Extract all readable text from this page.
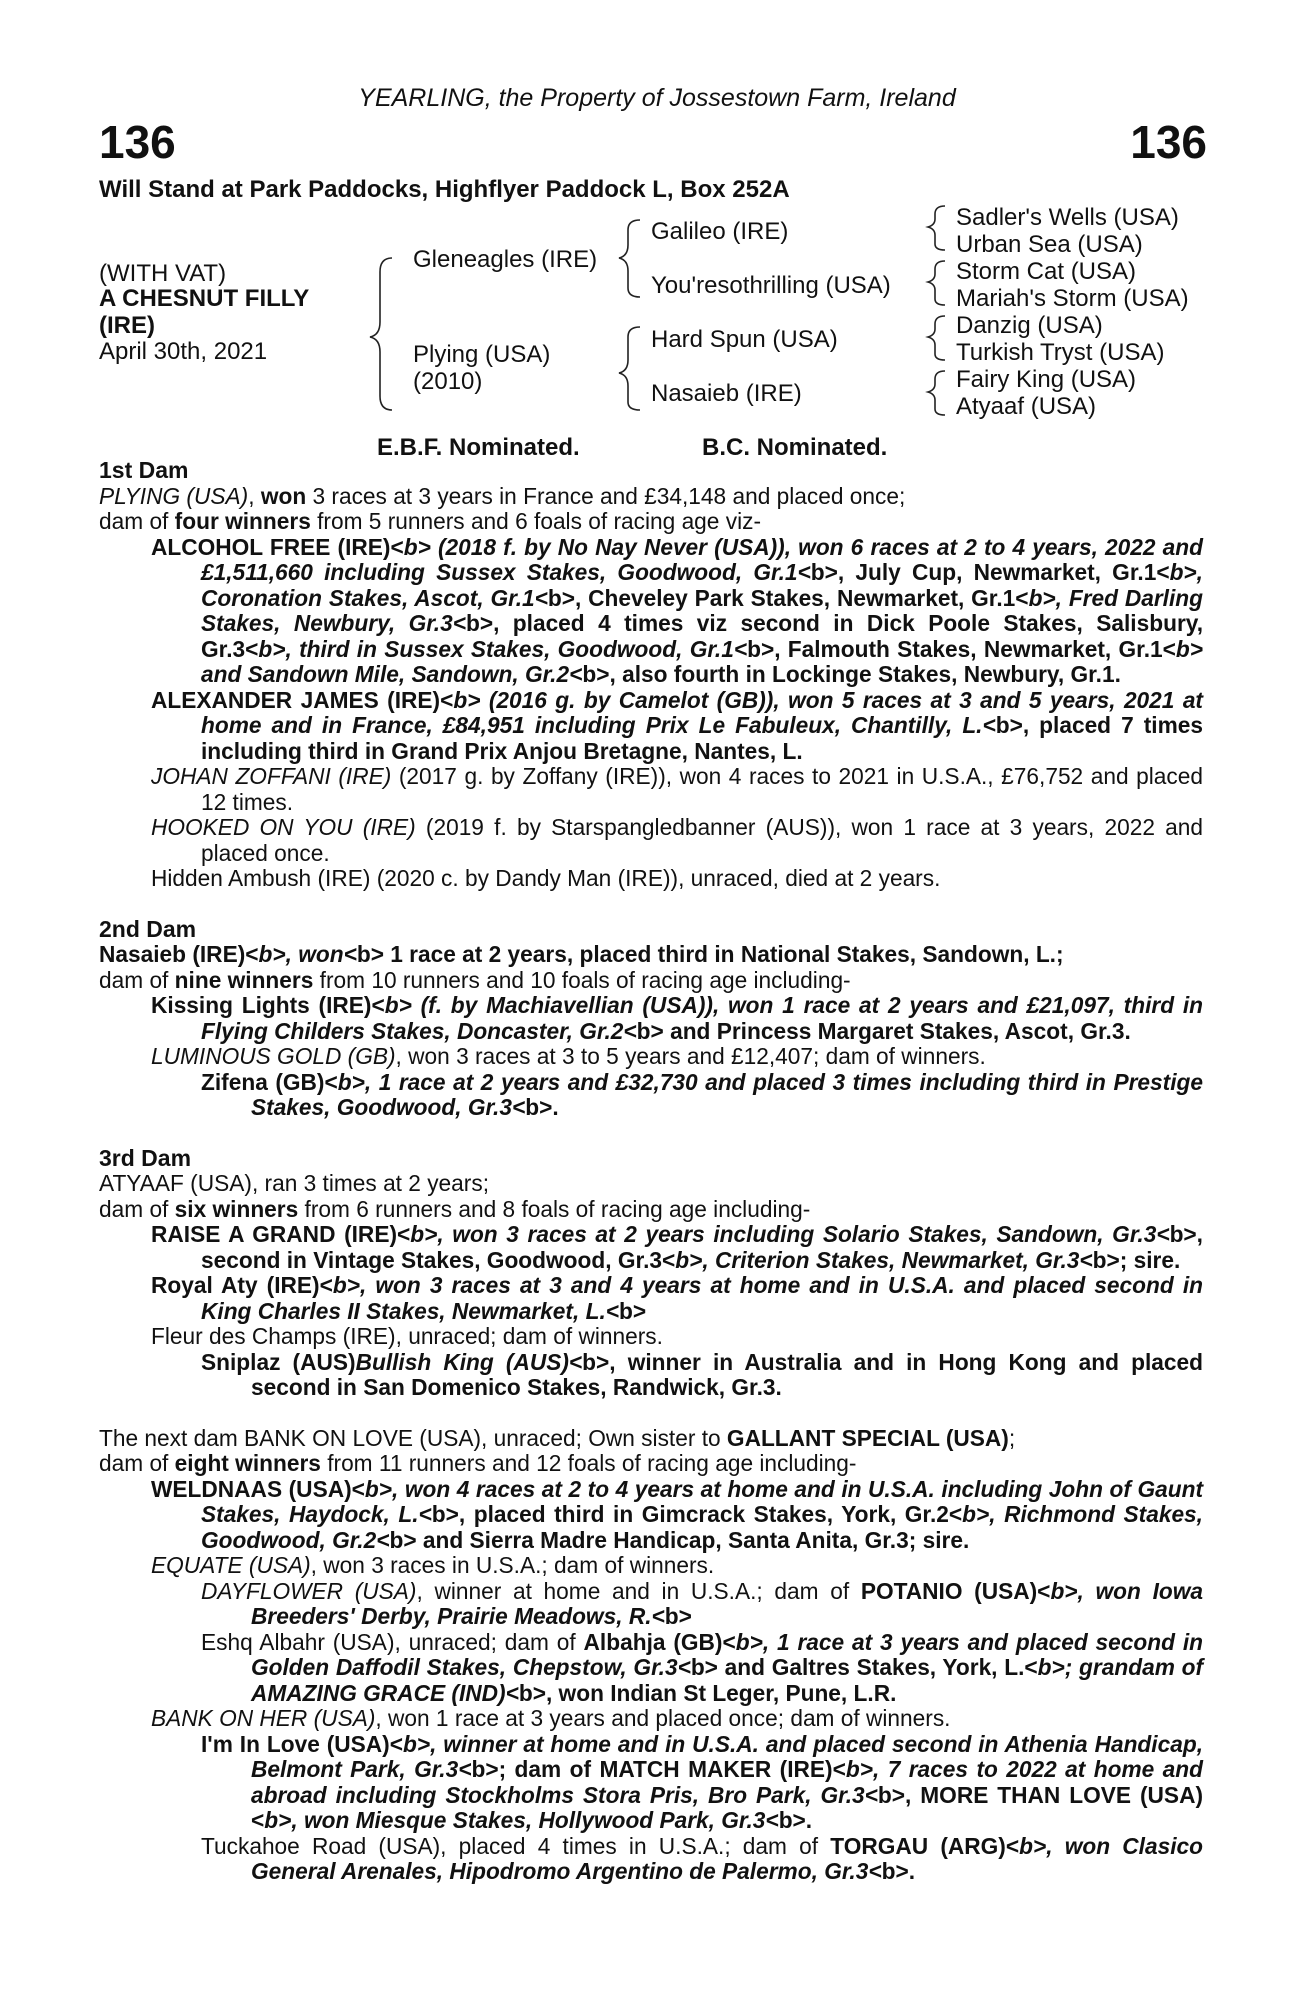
YEARLING, the Property of Jossestown Farm, Ireland
136	136
Will Stand at Park Paddocks, Highflyer Paddock L, Box 252A
(WITH VAT)
A CHESNUT FILLY
(IRE)
April 30th, 2021
Gleneagles (IRE)
Plying (USA)
(2010)
Galileo (IRE)
You'resothrilling (USA)
Hard Spun (USA)
Nasaieb (IRE)
Sadler's Wells (USA)
Urban Sea (USA)
Storm Cat (USA)
Mariah's Storm (USA)
Danzig (USA)
Turkish Tryst (USA)
Fairy King (USA)
Atyaaf (USA)
E.B.F. Nominated.	B.C. Nominated.
1st Dam
PLYING (USA), won 3 races at 3 years in France and £34,148 and placed once;
dam of four winners from 5 runners and 6 foals of racing age viz-
ALCOHOL FREE (IRE)<b> (2018 f. by No Nay Never (USA)), won 6 races at 2 to 4 years, 2022 and £1,511,660 including Sussex Stakes, Goodwood, Gr.1<b>, July Cup, Newmarket, Gr.1<b>, Coronation Stakes, Ascot, Gr.1<b>, Cheveley Park Stakes, Newmarket, Gr.1<b>, Fred Darling Stakes, Newbury, Gr.3<b>, placed 4 times viz second in Dick Poole Stakes, Salisbury, Gr.3<b>, third in Sussex Stakes, Goodwood, Gr.1<b>, Falmouth Stakes, Newmarket, Gr.1<b> and Sandown Mile, Sandown, Gr.2<b>, also fourth in Lockinge Stakes, Newbury, Gr.1.
ALEXANDER JAMES (IRE)<b> (2016 g. by Camelot (GB)), won 5 races at 3 and 5 years, 2021 at home and in France, £84,951 including Prix Le Fabuleux, Chantilly, L.<b>, placed 7 times including third in Grand Prix Anjou Bretagne, Nantes, L.
JOHAN ZOFFANI (IRE) (2017 g. by Zoffany (IRE)), won 4 races to 2021 in U.S.A., £76,752 and placed 12 times.
HOOKED ON YOU (IRE) (2019 f. by Starspangledbanner (AUS)), won 1 race at 3 years, 2022 and placed once.
Hidden Ambush (IRE) (2020 c. by Dandy Man (IRE)), unraced, died at 2 years.
2nd Dam
Nasaieb (IRE)<b>, won<b> 1 race at 2 years, placed third in National Stakes, Sandown, L.;
dam of nine winners from 10 runners and 10 foals of racing age including-
Kissing Lights (IRE)<b> (f. by Machiavellian (USA)), won 1 race at 2 years and £21,097, third in Flying Childers Stakes, Doncaster, Gr.2<b> and Princess Margaret Stakes, Ascot, Gr.3.
LUMINOUS GOLD (GB), won 3 races at 3 to 5 years and £12,407; dam of winners.
Zifena (GB)<b>, 1 race at 2 years and £32,730 and placed 3 times including third in Prestige Stakes, Goodwood, Gr.3<b>.
3rd Dam
ATYAAF (USA), ran 3 times at 2 years;
dam of six winners from 6 runners and 8 foals of racing age including-
RAISE A GRAND (IRE)<b>, won 3 races at 2 years including Solario Stakes, Sandown, Gr.3<b>, second in Vintage Stakes, Goodwood, Gr.3<b>, Criterion Stakes, Newmarket, Gr.3<b>; sire.
Royal Aty (IRE)<b>, won 3 races at 3 and 4 years at home and in U.S.A. and placed second in King Charles II Stakes, Newmarket, L.<b>
Fleur des Champs (IRE), unraced; dam of winners.
Sniplaz (AUS)Bullish King (AUS)<b>, winner in Australia and in Hong Kong and placed second in San Domenico Stakes, Randwick, Gr.3.
The next dam BANK ON LOVE (USA), unraced; Own sister to GALLANT SPECIAL (USA);
dam of eight winners from 11 runners and 12 foals of racing age including-
WELDNAAS (USA)<b>, won 4 races at 2 to 4 years at home and in U.S.A. including John of Gaunt Stakes, Haydock, L.<b>, placed third in Gimcrack Stakes, York, Gr.2<b>, Richmond Stakes, Goodwood, Gr.2<b> and Sierra Madre Handicap, Santa Anita, Gr.3; sire.
EQUATE (USA), won 3 races in U.S.A.; dam of winners.
DAYFLOWER (USA), winner at home and in U.S.A.; dam of POTANIO (USA)<b>, won Iowa Breeders' Derby, Prairie Meadows, R.<b>
Eshq Albahr (USA), unraced; dam of Albahja (GB)<b>, 1 race at 3 years and placed second in Golden Daffodil Stakes, Chepstow, Gr.3<b> and Galtres Stakes, York, L.<b>; grandam of AMAZING GRACE (IND)<b>, won Indian St Leger, Pune, L.R.
BANK ON HER (USA), won 1 race at 3 years and placed once; dam of winners.
I'm In Love (USA)<b>, winner at home and in U.S.A. and placed second in Athenia Handicap, Belmont Park, Gr.3<b>; dam of MATCH MAKER (IRE)<b>, 7 races to 2022 at home and abroad including Stockholms Stora Pris, Bro Park, Gr.3<b>, MORE THAN LOVE (USA)<b>, won Miesque Stakes, Hollywood Park, Gr.3<b>.
Tuckahoe Road (USA), placed 4 times in U.S.A.; dam of TORGAU (ARG)<b>, won Clasico General Arenales, Hipodromo Argentino de Palermo, Gr.3<b>.
